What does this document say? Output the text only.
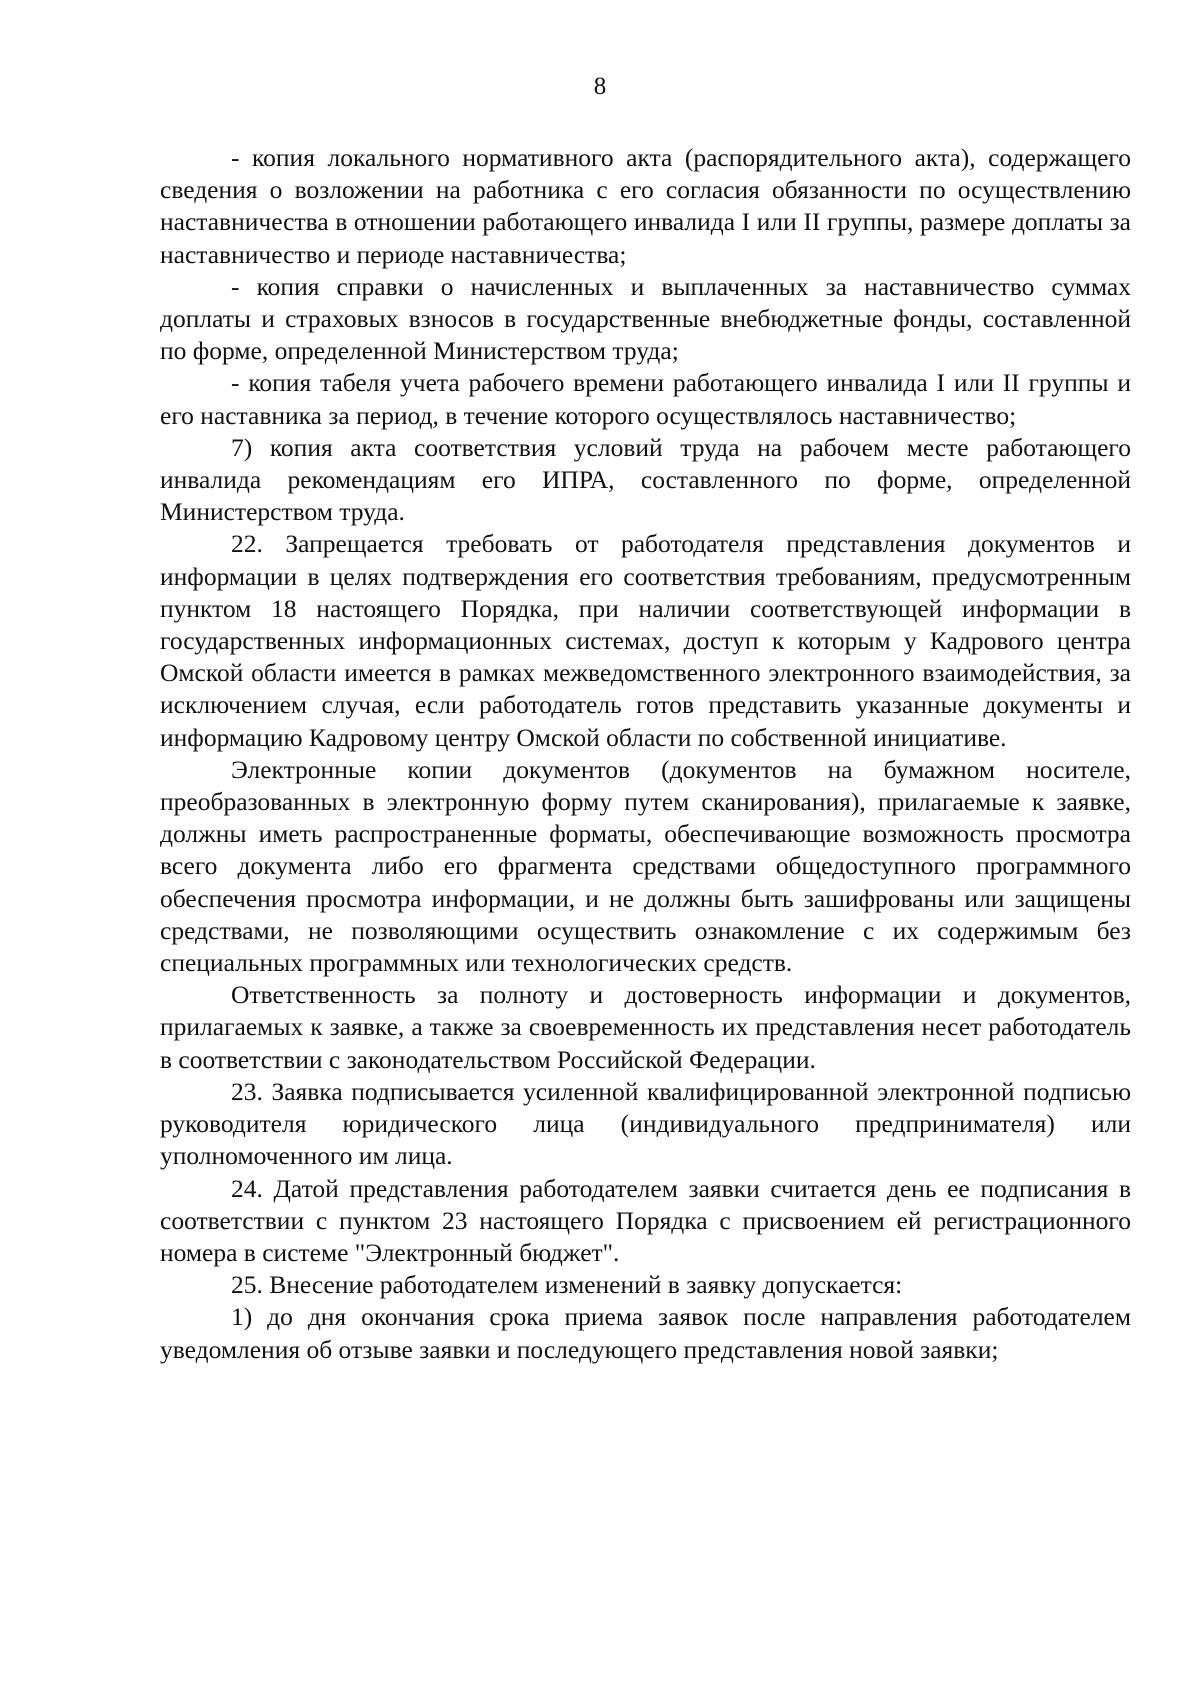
8

- копия локального нормативного акта (распорядительного акта), содержащего сведения о возложении на работника с его согласия обязанности по осуществлению наставничества в отношении работающего инвалида I или II группы, размере доплаты за наставничество и периоде наставничества;

- копия справки о начисленных и выплаченных за наставничество суммах доплаты и страховых взносов в государственные внебюджетные фонды, составленной по форме, определенной Министерством труда;

- копия табеля учета рабочего времени работающего инвалида I или II группы и его наставника за период, в течение которого осуществлялось наставничество;

7) копия акта соответствия условий труда на рабочем месте работающего инвалида рекомендациям его ИПРА, составленного по форме, определенной Министерством труда.

22. Запрещается требовать от работодателя представления документов и информации в целях подтверждения его соответствия требованиям, предусмотренным пунктом 18 настоящего Порядка, при наличии соответствующей информации в государственных информационных системах, доступ к которым у Кадрового центра Омской области имеется в рамках межведомственного электронного взаимодействия, за исключением случая, если работодатель готов представить указанные документы и информацию Кадровому центру Омской области по собственной инициативе.

Электронные копии документов (документов на бумажном носителе, преобразованных в электронную форму путем сканирования), прилагаемые к заявке, должны иметь распространенные форматы, обеспечивающие возможность просмотра всего документа либо его фрагмента средствами общедоступного программного обеспечения просмотра информации, и не должны быть зашифрованы или защищены средствами, не позволяющими осуществить ознакомление с их содержимым без специальных программных или технологических средств.

Ответственность за полноту и достоверность информации и документов, прилагаемых к заявке, а также за своевременность их представления несет работодатель в соответствии с законодательством Российской Федерации.

23. Заявка подписывается усиленной квалифицированной электронной подписью руководителя юридического лица (индивидуального предпринимателя) или уполномоченного им лица.

24. Датой представления работодателем заявки считается день ее подписания в соответствии с пунктом 23 настоящего Порядка с присвоением ей регистрационного номера в системе "Электронный бюджет".

25. Внесение работодателем изменений в заявку допускается:

1) до дня окончания срока приема заявок после направления работодателем уведомления об отзыве заявки и последующего представления новой заявки;
